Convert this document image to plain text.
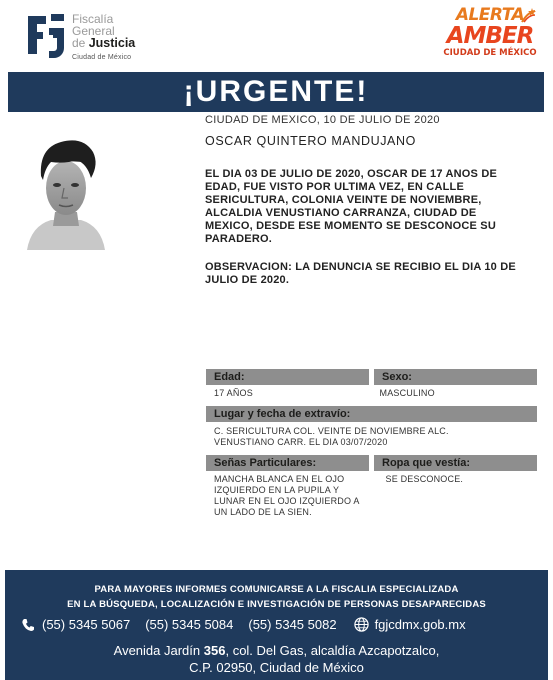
Fiscalía
General
de Justicia
Ciudad de México
ALERTA
AMBER
CIUDAD DE MÉXICO
¡URGENTE!
CIUDAD DE MEXICO, 10 DE JULIO DE 2020
OSCAR QUINTERO MANDUJANO
EL DIA 03 DE JULIO DE 2020, OSCAR DE 17 ANOS DE EDAD, FUE VISTO POR ULTIMA VEZ, EN CALLE SERICULTURA, COLONIA VEINTE DE NOVIEMBRE, ALCALDIA VENUSTIANO CARRANZA, CIUDAD DE MEXICO, DESDE ESE MOMENTO SE DESCONOCE SU PARADERO.
OBSERVACION: LA DENUNCIA SE RECIBIO EL DIA 10 DE JULIO DE 2020.
Edad:	Sexo:
17 AÑOS	MASCULINO
Lugar y fecha de extravío:
C. SERICULTURA COL. VEINTE DE NOVIEMBRE ALC. VENUSTIANO CARR. EL DIA 03/07/2020
Señas Particulares:	Ropa que vestía:
MANCHA BLANCA EN EL OJO IZQUIERDO EN LA PUPILA Y LUNAR EN EL OJO IZQUIERDO A UN LADO DE LA SIEN.
SE DESCONOCE.
PARA MAYORES INFORMES COMUNICARSE A LA FISCALIA ESPECIALIZADA
EN LA BÚSQUEDA, LOCALIZACIÓN E INVESTIGACIÓN DE PERSONAS DESAPARECIDAS
(55) 5345 5067 (55) 5345 5084 (55) 5345 5082	fgjcdmx.gob.mx
Avenida Jardín 356, col. Del Gas, alcaldía Azcapotzalco,
C.P. 02950, Ciudad de México
